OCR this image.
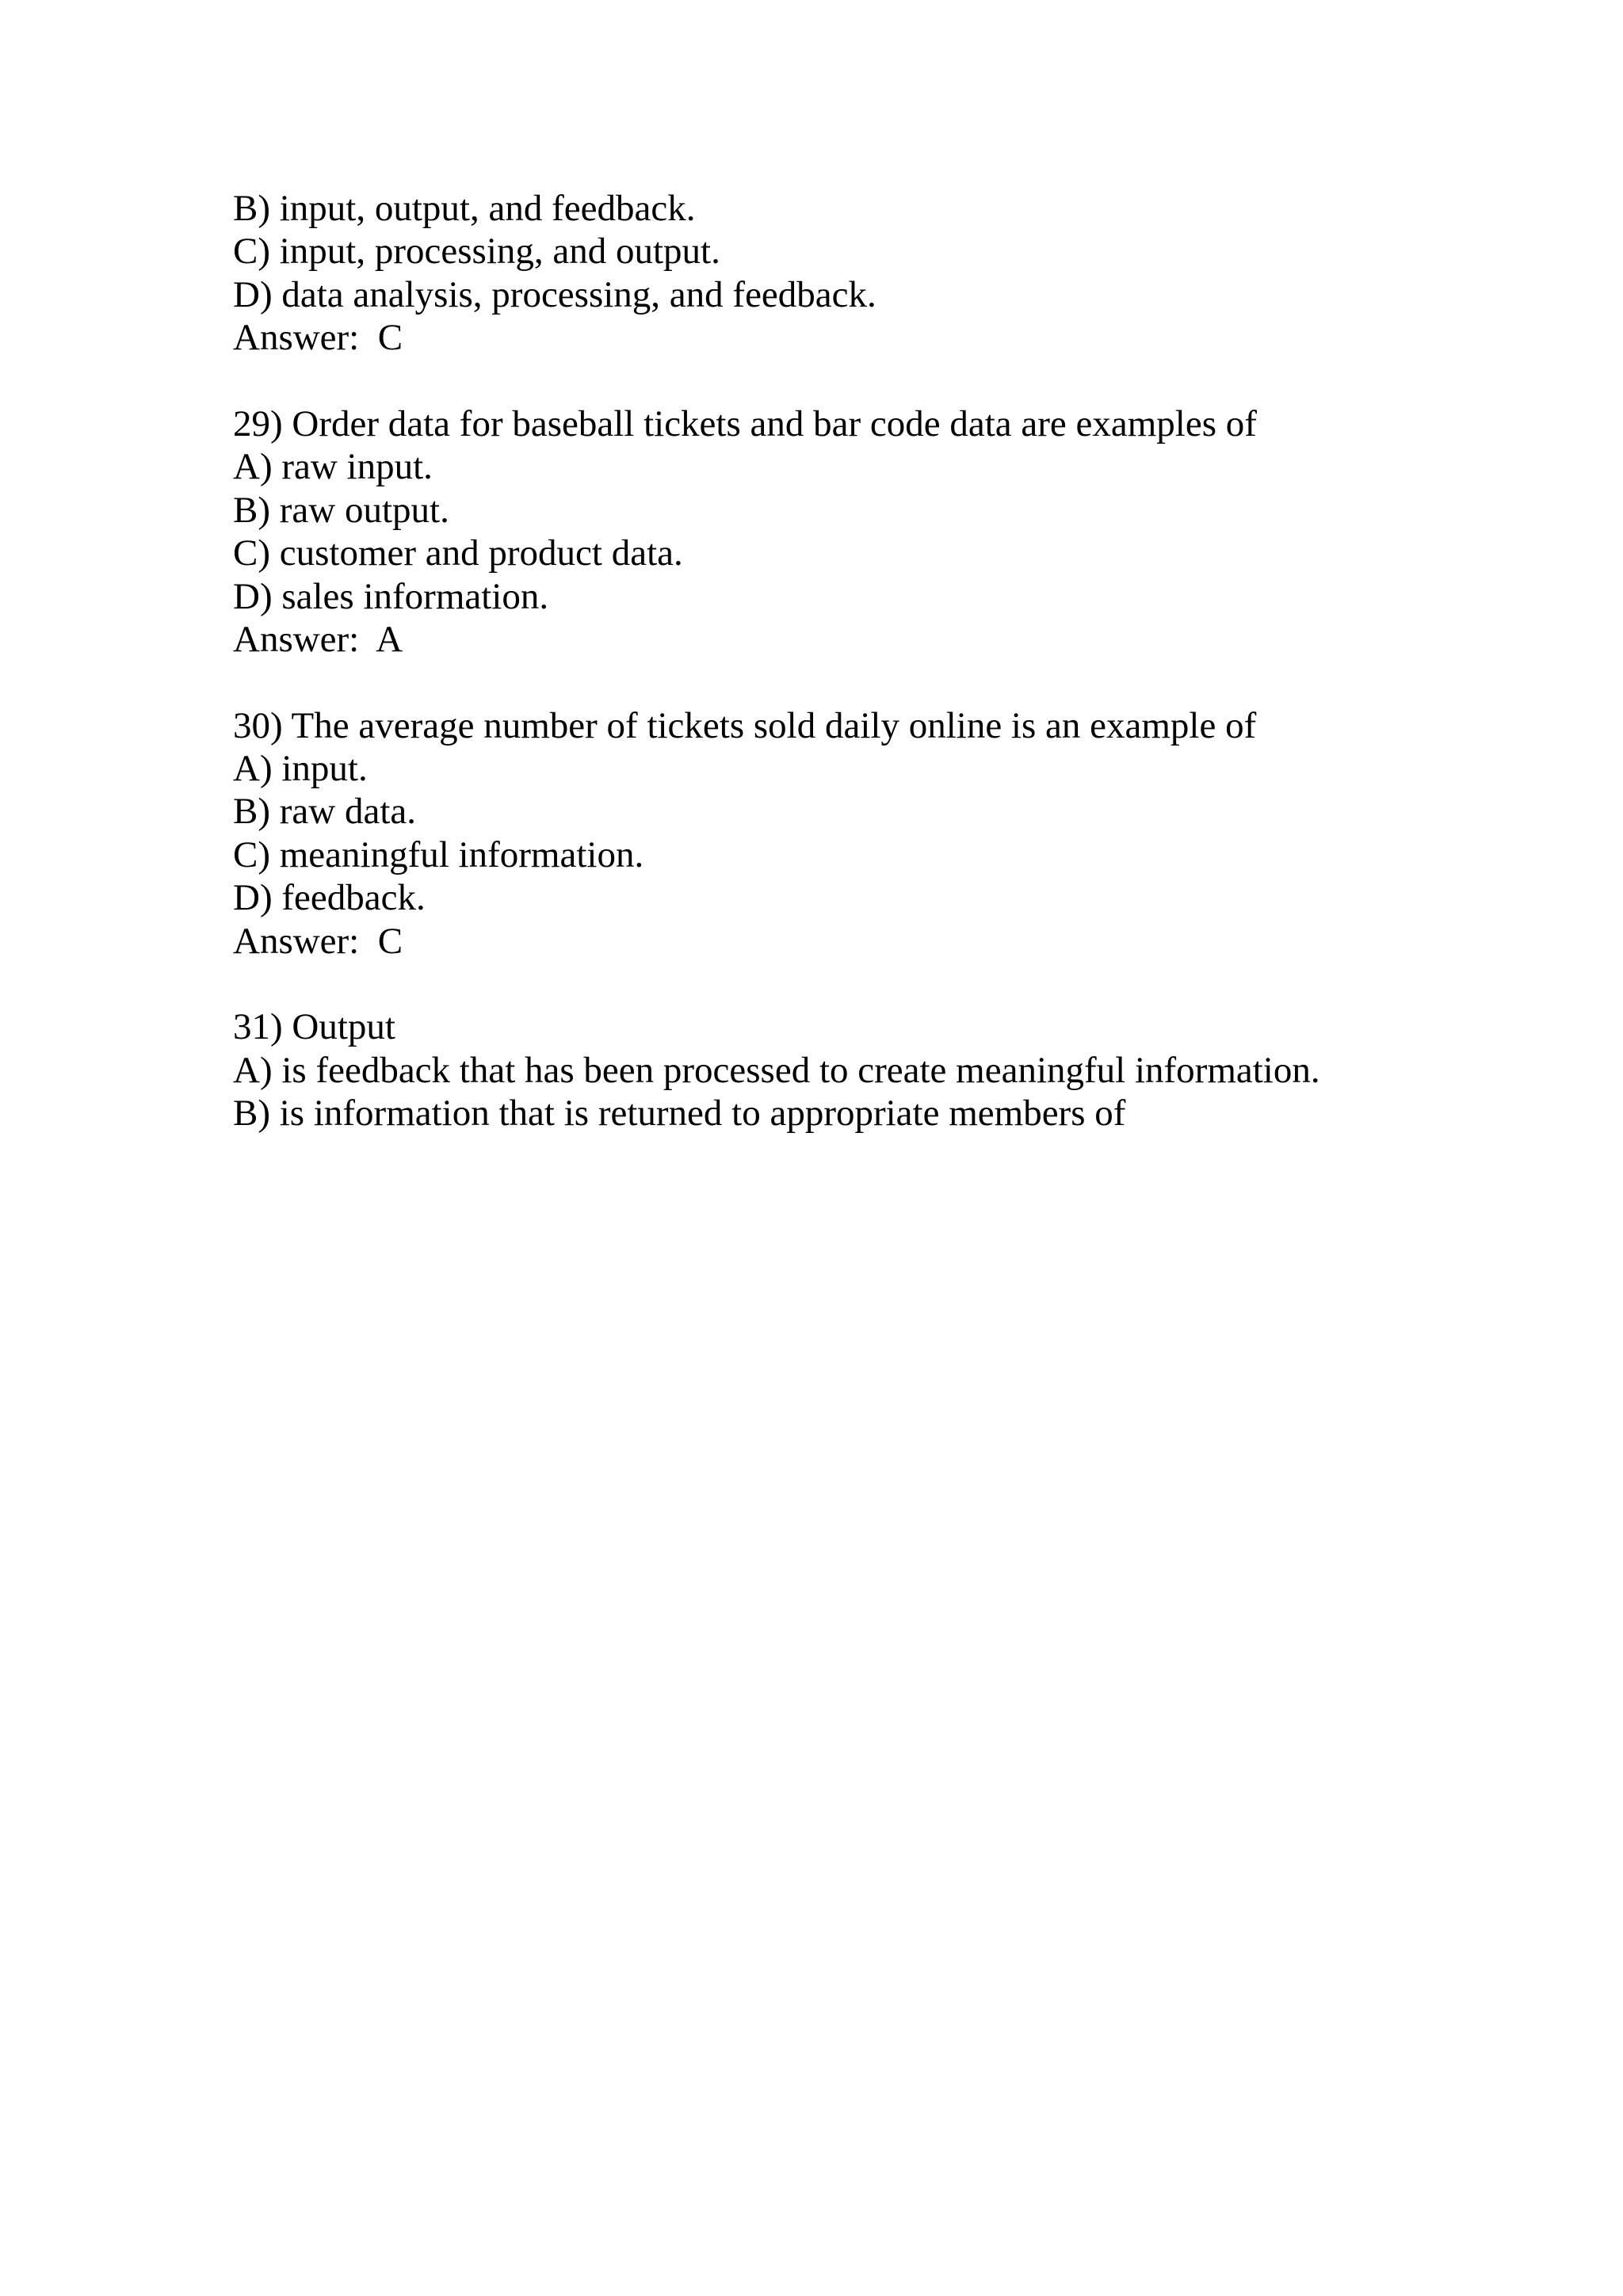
B) input, output, and feedback.
C) input, processing, and output.
D) data analysis, processing, and feedback.
Answer:  C
29) Order data for baseball tickets and bar code data are examples of
A) raw input.
B) raw output.
C) customer and product data.
D) sales information.
Answer:  A
30) The average number of tickets sold daily online is an example of
A) input.
B) raw data.
C) meaningful information.
D) feedback.
Answer:  C
31) Output
A) is feedback that has been processed to create meaningful information.
B) is information that is returned to appropriate members of
